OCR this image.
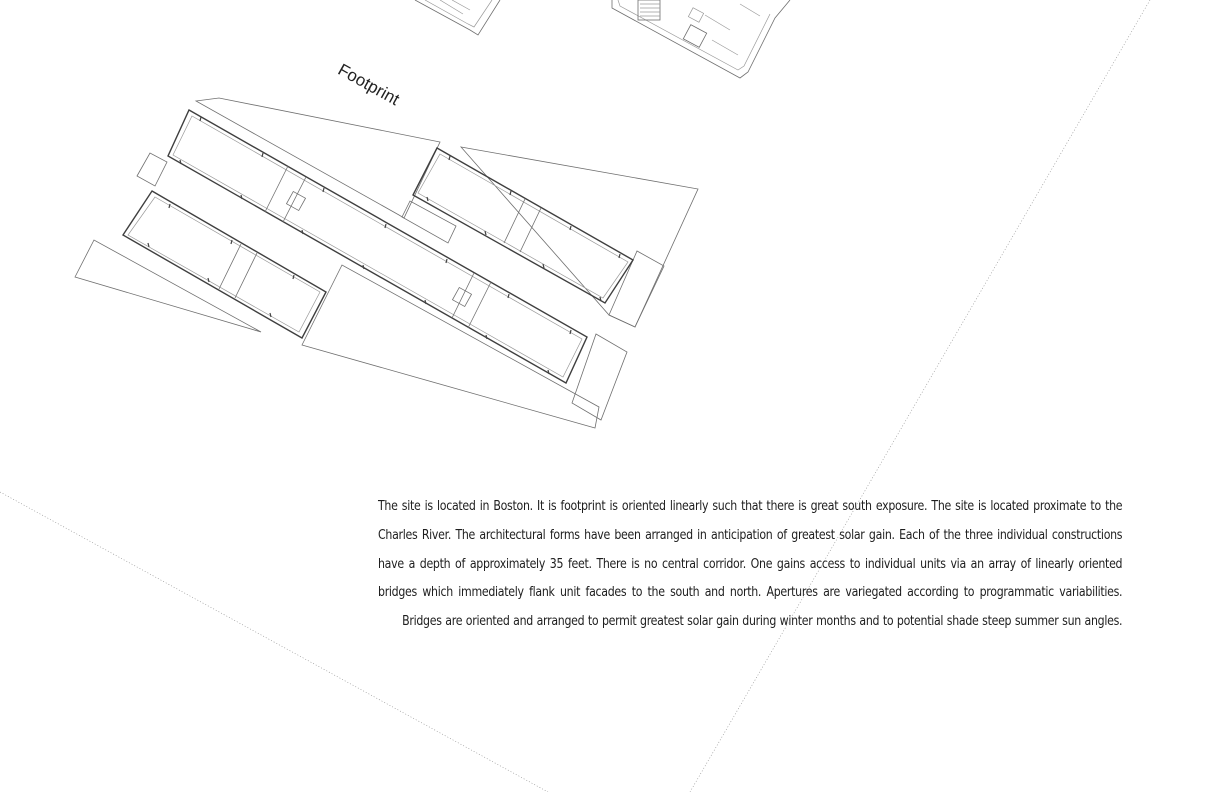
Footprint
The site is located in Boston. It is footprint is oriented linearly such that there is great south exposure. The site is located proximate to the Charles River. The architectural forms have been arranged in anticipation of greatest solar gain. Each of the three individual constructions have a depth of approximately 35 feet. There is no central corridor. One gains access to individual units via an array of linearly oriented bridges which immediately flank unit facades to the south and north. Apertures are variegated according to programmatic variabilities. Bridges are oriented and arranged to permit greatest solar gain during winter months and to potential shade steep summer sun angles.
